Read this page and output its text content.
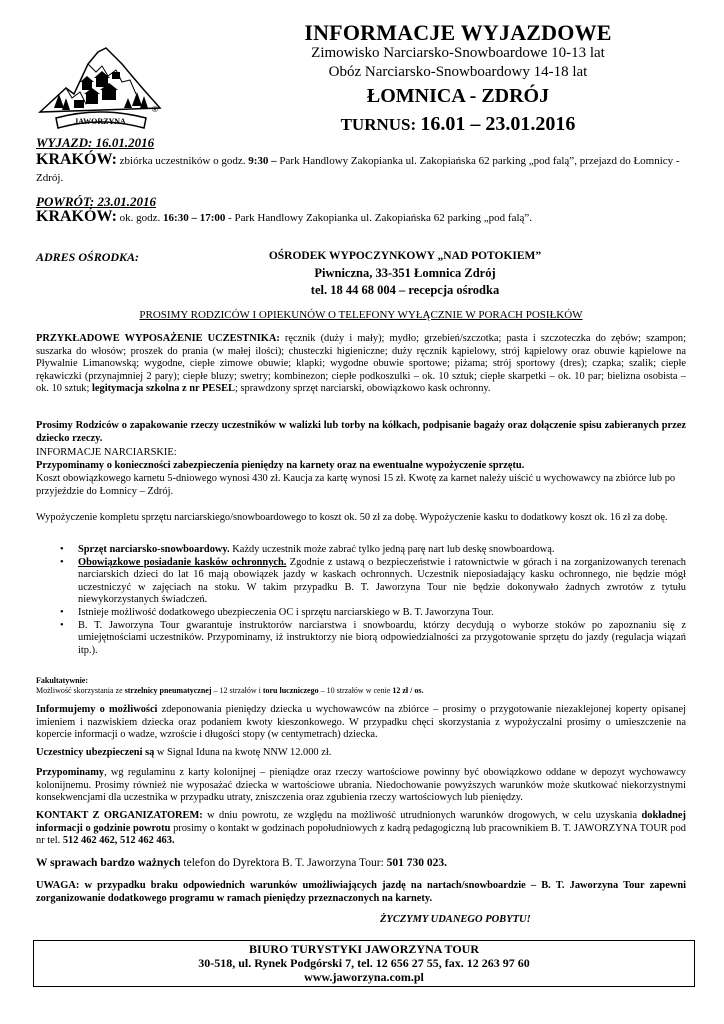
JAWORZYNA
®
INFORMACJE WYJAZDOWE
Zimowisko Narciarsko-Snowboardowe 10-13 lat
Obóz Narciarsko-Snowboardowy 14-18 lat
ŁOMNICA - ZDRÓJ
TURNUS: 16.01 – 23.01.2016
WYJAZD: 16.01.2016
KRAKÓW: zbiórka uczestników o godz. 9:30 – Park Handlowy Zakopianka ul. Zakopiańska 62 parking „pod falą”, przejazd do Łomnicy - Zdrój.
POWRÓT: 23.01.2016
KRAKÓW: ok. godz. 16:30 – 17:00 - Park Handlowy Zakopianka ul. Zakopiańska 62 parking „pod falą”.
ADRES OŚRODKA:	OŚRODEK WYPOCZYNKOWY „NAD POTOKIEM”
Piwniczna, 33-351 Łomnica Zdrój
tel. 18 44 68 004 – recepcja ośrodka
PROSIMY RODZICÓW I OPIEKUNÓW O TELEFONY WYŁĄCZNIE W PORACH POSIŁKÓW
PRZYKŁADOWE WYPOSAŻENIE UCZESTNIKA: ręcznik (duży i mały); mydło; grzebień/szczotka; pasta i szczoteczka do zębów; szampon; suszarka do włosów; proszek do prania (w małej ilości); chusteczki higieniczne; duży ręcznik kąpielowy, strój kąpielowy oraz obuwie kąpielowe na Pływalnie Limanowską; wygodne, ciepłe zimowe obuwie; klapki; wygodne obuwie sportowe; piżama; strój sportowy (dres); czapka; szalik; ciepłe rękawiczki (przynajmniej 2 pary); ciepłe bluzy; swetry; kombinezon; ciepłe podkoszulki – ok. 10 sztuk; ciepłe skarpetki – ok. 10 par; bielizna osobista – ok. 10 sztuk; legitymacja szkolna z nr PESEL; sprawdzony sprzęt narciarski, obowiązkowo kask ochronny.
Prosimy Rodziców o zapakowanie rzeczy uczestników w walizki lub torby na kółkach, podpisanie bagaży oraz dołączenie spisu zabieranych przez dziecko rzeczy.
INFORMACJE NARCIARSKIE:
Przypominamy o konieczności zabezpieczenia pieniędzy na karnety oraz na ewentualne wypożyczenie sprzętu.
Koszt obowiązkowego karnetu 5-dniowego wynosi 430 zł. Kaucja za kartę wynosi 15 zł. Kwotę za karnet należy uiścić u wychowawcy na zbiórce lub po przyjeździe do Łomnicy – Zdrój.
Wypożyczenie kompletu sprzętu narciarskiego/snowboardowego to koszt ok. 50 zł za dobę. Wypożyczenie kasku to dodatkowy koszt ok. 16 zł za dobę.
• Sprzęt narciarsko-snowboardowy. Każdy uczestnik może zabrać tylko jedną parę nart lub deskę snowboardową.
• Obowiązkowe posiadanie kasków ochronnych. Zgodnie z ustawą o bezpieczeństwie i ratownictwie w górach i na zorganizowanych terenach narciarskich dzieci do lat 16 mają obowiązek jazdy w kaskach ochronnych. Uczestnik nieposiadający kasku ochronnego, nie będzie mógł uczestniczyć w zajęciach na stoku. W takim przypadku B. T. Jaworzyna Tour nie będzie dokonywało żadnych zwrotów z tytułu niewykorzystanych świadczeń.
• Istnieje możliwość dodatkowego ubezpieczenia OC i sprzętu narciarskiego w B. T. Jaworzyna Tour.
• B. T. Jaworzyna Tour gwarantuje instruktorów narciarstwa i snowboardu, którzy decydują o wyborze stoków po zapoznaniu się z umiejętnościami uczestników. Przypominamy, iż instruktorzy nie biorą odpowiedzialności za przygotowanie sprzętu do jazdy (regulacja wiązań itp.).
Fakultatywnie:
Możliwość skorzystania ze strzelnicy pneumatycznej – 12 strzałów i toru luczniczego – 10 strzałów w cenie 12 zł / os.
Informujemy o możliwości zdeponowania pieniędzy dziecka u wychowawców na zbiórce – prosimy o przygotowanie niezaklejonej koperty opisanej imieniem i nazwiskiem dziecka oraz podaniem kwoty kieszonkowego. W przypadku chęci skorzystania z wypożyczalni prosimy o umieszczenie na kopercie informacji o wadze, wzroście i długości stopy (w centymetrach) dziecka.
Uczestnicy ubezpieczeni są w Signal Iduna na kwotę NNW 12.000 zł.
Przypominamy, wg regulaminu z karty kolonijnej – pieniądze oraz rzeczy wartościowe powinny być obowiązkowo oddane w depozyt wychowawcy kolonijnemu. Prosimy również nie wyposażać dziecka w wartościowe ubrania. Niedochowanie powyższych warunków może skutkować niekorzystnymi konsekwencjami dla uczestnika w przypadku utraty, zniszczenia oraz zgubienia rzeczy wartościowych lub pieniędzy.
KONTAKT Z ORGANIZATOREM: w dniu powrotu, ze względu na możliwość utrudnionych warunków drogowych, w celu uzyskania dokładnej informacji o godzinie powrotu prosimy o kontakt w godzinach popołudniowych z kadrą pedagogiczną lub pracownikiem B. T. JAWORZYNA TOUR pod nr tel. 512 462 462, 512 462 463.
W sprawach bardzo ważnych telefon do Dyrektora B. T. Jaworzyna Tour: 501 730 023.
UWAGA: w przypadku braku odpowiednich warunków umożliwiających jazdę na nartach/snowboardzie – B. T. Jaworzyna Tour zapewni zorganizowanie dodatkowego programu w ramach pieniędzy przeznaczonych na karnety.
ŻYCZYMY UDANEGO POBYTU!
BIURO TURYSTYKI JAWORZYNA TOUR
30-518, ul. Rynek Podgórski 7, tel. 12 656 27 55, fax. 12 263 97 60
www.jaworzyna.com.pl
